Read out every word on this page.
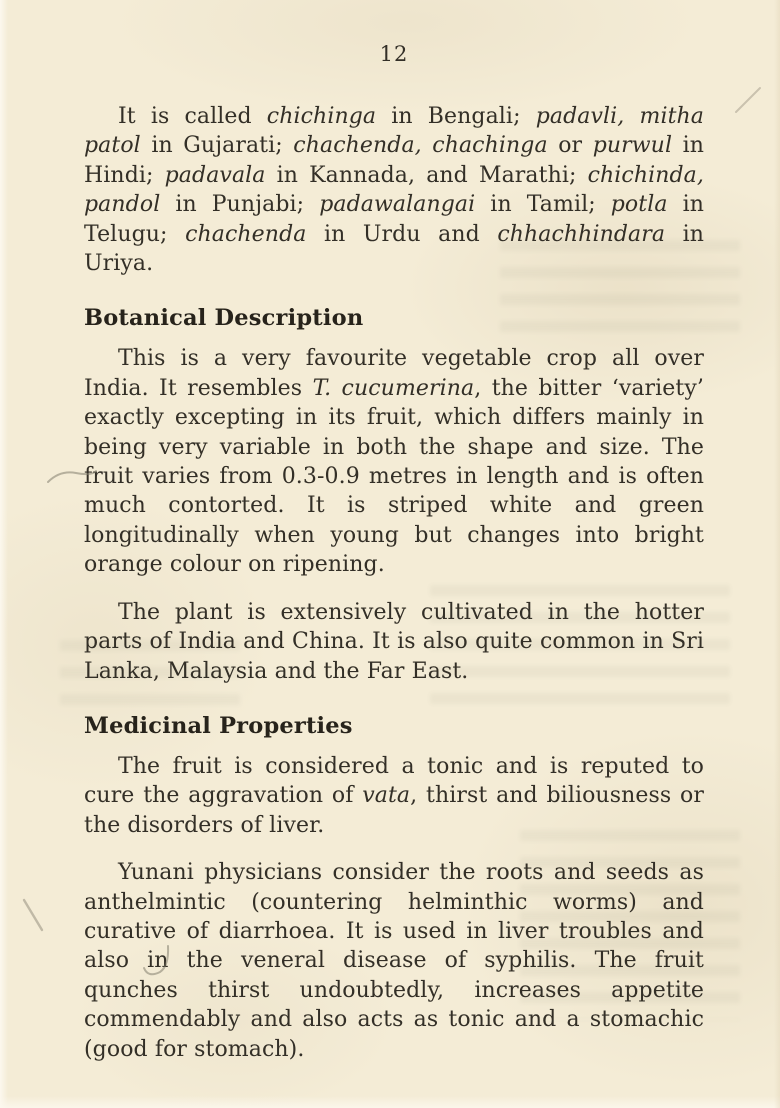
12

It is called chichinga in Bengali; padavli, mitha patol in Gujarati; chachenda, chachinga or purwul in Hindi; padavala in Kannada, and Marathi; chichinda, pandol in Punjabi; padawalangai in Tamil; potla in Telugu; chachenda in Urdu and chhachhindara in Uriya.

Botanical Description

This is a very favourite vegetable crop all over India. It resembles T. cucumerina, the bitter ‘variety’ exactly excepting in its fruit, which differs mainly in being very variable in both the shape and size. The fruit varies from 0.3-0.9 metres in length and is often much contorted. It is striped white and green longitudinally when young but changes into bright orange colour on ripening.

The plant is extensively cultivated in the hotter parts of India and China. It is also quite common in Sri Lanka, Malaysia and the Far East.

Medicinal Properties

The fruit is considered a tonic and is reputed to cure the aggravation of vata, thirst and biliousness or the disorders of liver.

Yunani physicians consider the roots and seeds as anthelmintic (countering helminthic worms) and curative of diarrhoea. It is used in liver troubles and also in the veneral disease of syphilis. The fruit qunches thirst undoubtedly, increases appetite commendably and also acts as tonic and a stomachic (good for stomach).
